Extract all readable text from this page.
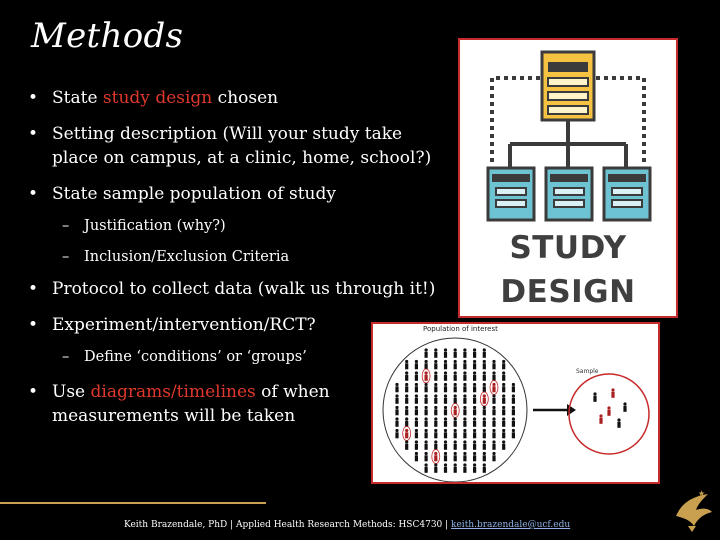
Methods
• State study design chosen
• Setting description (Will your study take
place on campus, at a clinic, home, school?)
• State sample population of study
– Justification (why?)
– Inclusion/Exclusion Criteria
• Protocol to collect data (walk us through it!)
• Experiment/intervention/RCT?
– Define ‘conditions’ or ‘groups’
• Use diagrams/timelines of when
measurements will be taken
STUDY
DESIGN
Population of interest
Sample
Keith Brazendale, PhD | Applied Health Research Methods: HSC4730 | keith.brazendale@ucf.edu
★
